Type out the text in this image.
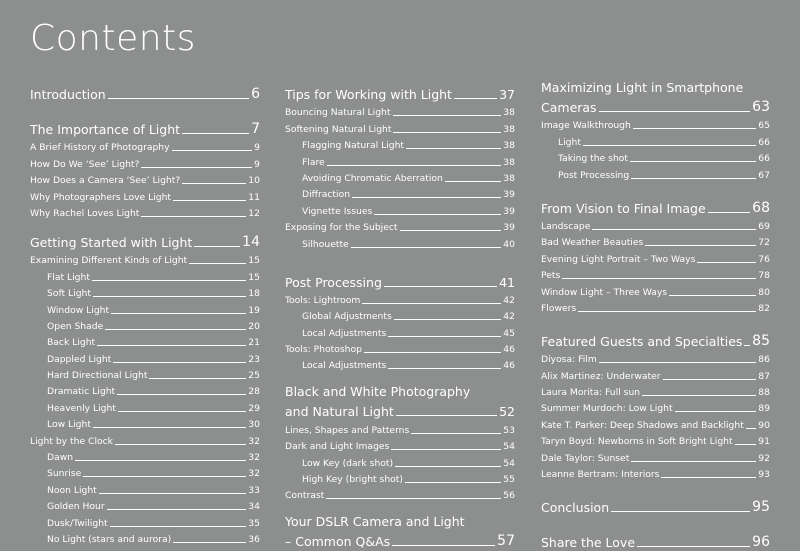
Contents
Introduction	6
The Importance of Light	7
A Brief History of Photography	9
How Do We ‘See’ Light?	9
How Does a Camera ‘See’ Light?	10
Why Photographers Love Light	11
Why Rachel Loves Light	12
Getting Started with Light	14
Examining Different Kinds of Light	15
Flat Light	15
Soft Light	18
Window Light	19
Open Shade	20
Back Light	21
Dappled Light	23
Hard Directional Light	25
Dramatic Light	28
Heavenly Light	29
Low Light	30
Light by the Clock	32
Dawn	32
Sunrise	32
Noon Light	33
Golden Hour	34
Dusk/Twilight	35
No Light (stars and aurora)	36
Tips for Working with Light	37
Bouncing Natural Light	38
Softening Natural Light	38
Flagging Natural Light	38
Flare	38
Avoiding Chromatic Aberration	38
Diffraction	39
Vignette Issues	39
Exposing for the Subject	39
Silhouette	40
Post Processing	41
Tools: Lightroom	42
Global Adjustments	42
Local Adjustments	45
Tools: Photoshop	46
Local Adjustments	46
Black and White Photography
and Natural Light	52
Lines, Shapes and Patterns	53
Dark and Light Images	54
Low Key (dark shot)	54
High Key (bright shot)	55
Contrast	56
Your DSLR Camera and Light
– Common Q&As	57
Maximizing Light in Smartphone
Cameras	63
Image Walkthrough	65
Light	66
Taking the shot	66
Post Processing	67
From Vision to Final Image	68
Landscape	69
Bad Weather Beauties	72
Evening Light Portrait – Two Ways	76
Pets	78
Window Light – Three Ways	80
Flowers	82
Featured Guests and Specialties 85
Diyosa: Film	86
Alix Martinez: Underwater	87
Laura Morita: Full sun	88
Summer Murdoch: Low Light	89
Kate T. Parker: Deep Shadows and Backlight 90
Taryn Boyd: Newborns in Soft Bright Light	91
Dale Taylor: Sunset	92
Leanne Bertram: Interiors	93
Conclusion	95
Share the Love	96
